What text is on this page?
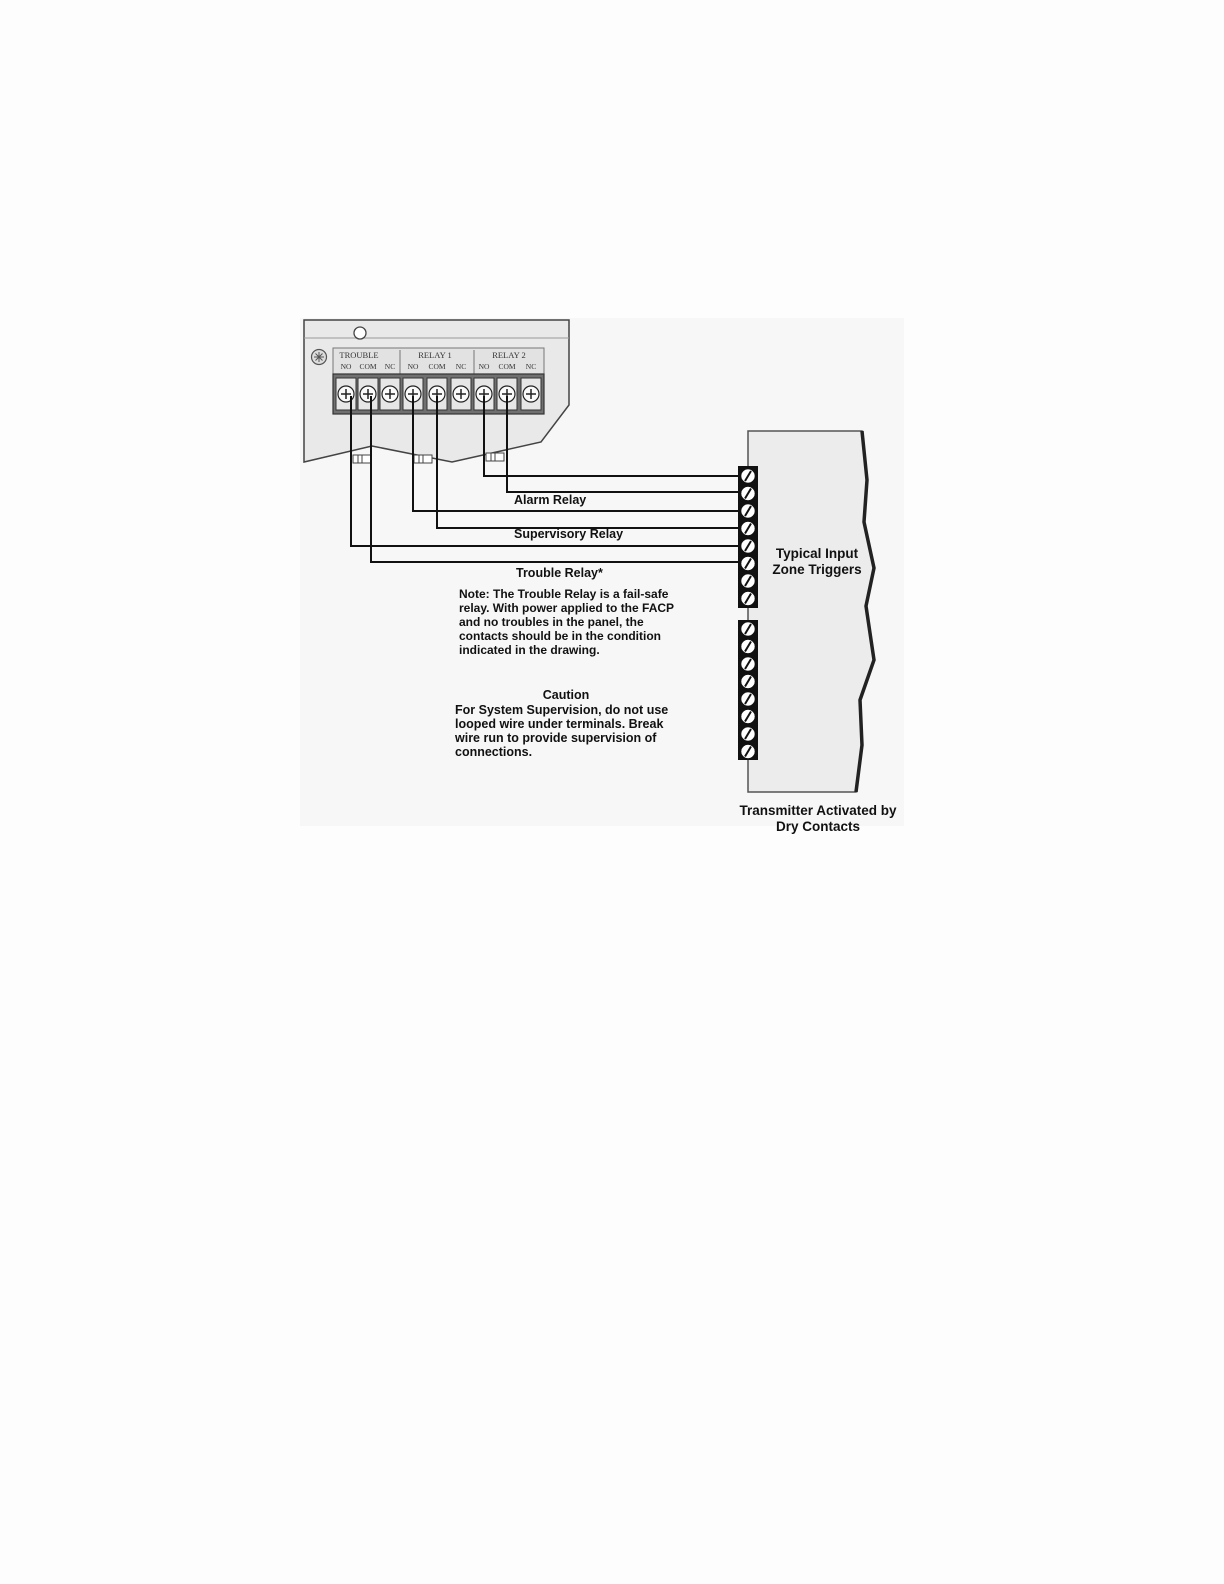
TROUBLE	RELAY 1	RELAY 2
NO COM NC NO COM NC NO COM NC
Alarm Relay
Supervisory Relay
Trouble Relay*
Note: The Trouble Relay is a fail-safe
relay. With power applied to the FACP
and no troubles in the panel, the
contacts should be in the condition
indicated in the drawing.
Caution
For System Supervision, do not use
looped wire under terminals. Break
wire run to provide supervision of
connections.
Typical Input
Zone Triggers
Transmitter Activated by
Dry Contacts
